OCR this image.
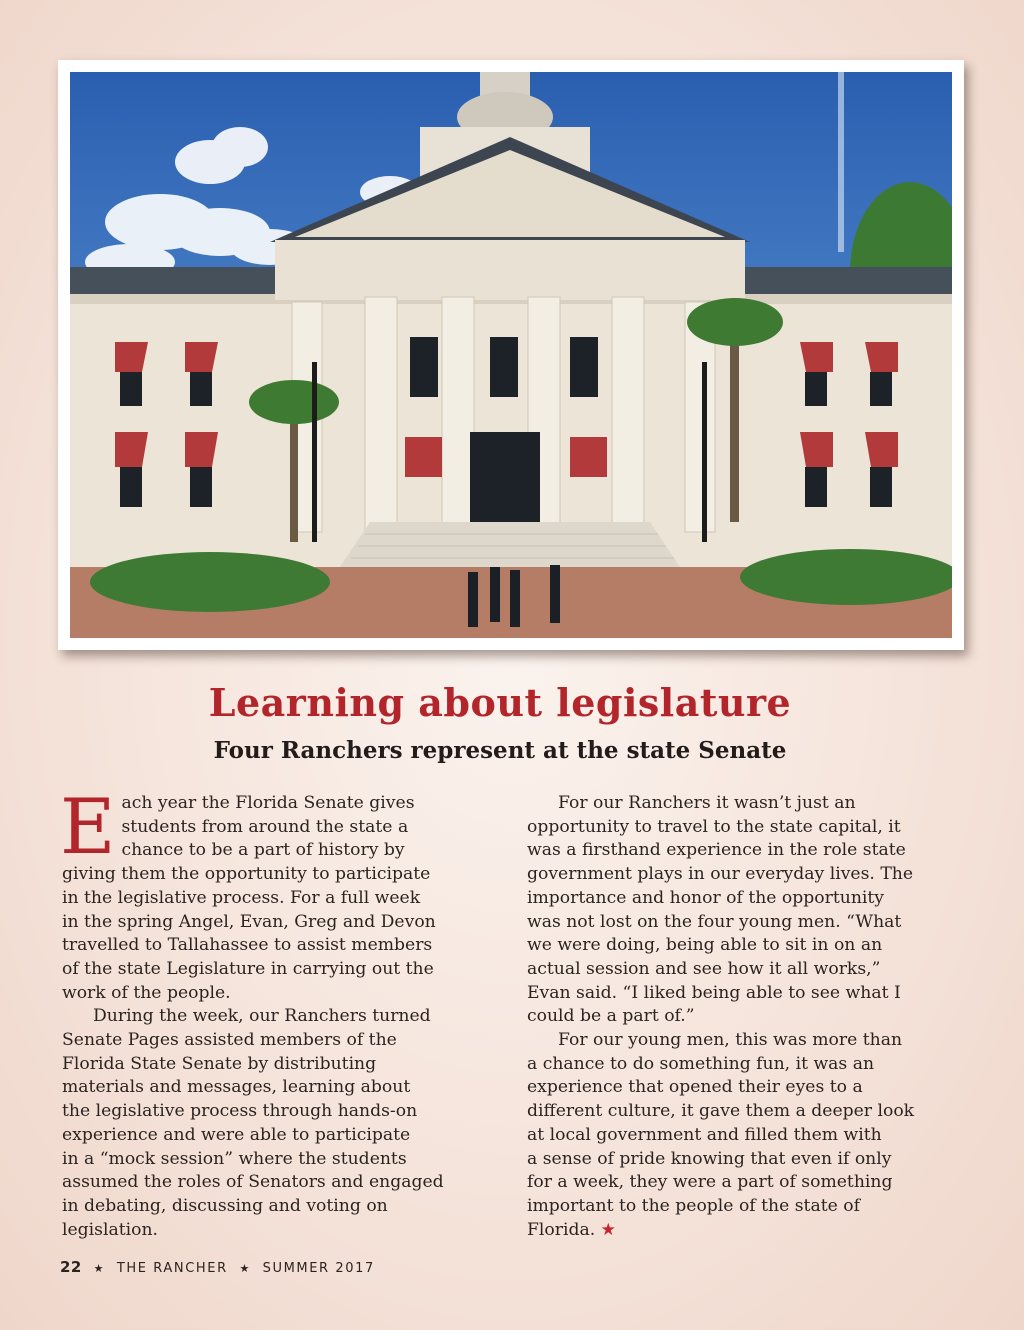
Learning about legislature
Four Ranchers represent at the state Senate
E ach year the Florida Senate gives
students from around the state a
chance to be a part of history by
giving them the opportunity to participate
in the legislative process. For a full week
in the spring Angel, Evan, Greg and Devon
travelled to Tallahassee to assist members
of the state Legislature in carrying out the
work of the people.
During the week, our Ranchers turned
Senate Pages assisted members of the
Florida State Senate by distributing
materials and messages, learning about
the legislative process through hands-on
experience and were able to participate
in a “mock session” where the students
assumed the roles of Senators and engaged
in debating, discussing and voting on
legislation.
For our Ranchers it wasn’t just an
opportunity to travel to the state capital, it
was a firsthand experience in the role state
government plays in our everyday lives. The
importance and honor of the opportunity
was not lost on the four young men. “What
we were doing, being able to sit in on an
actual session and see how it all works,”
Evan said. “I liked being able to see what I
could be a part of.”
For our young men, this was more than
a chance to do something fun, it was an
experience that opened their eyes to a
different culture, it gave them a deeper look
at local government and filled them with
a sense of pride knowing that even if only
for a week, they were a part of something
important to the people of the state of
Florida. ★
22 ★ THE RANCHER ★ SUMMER 2017
